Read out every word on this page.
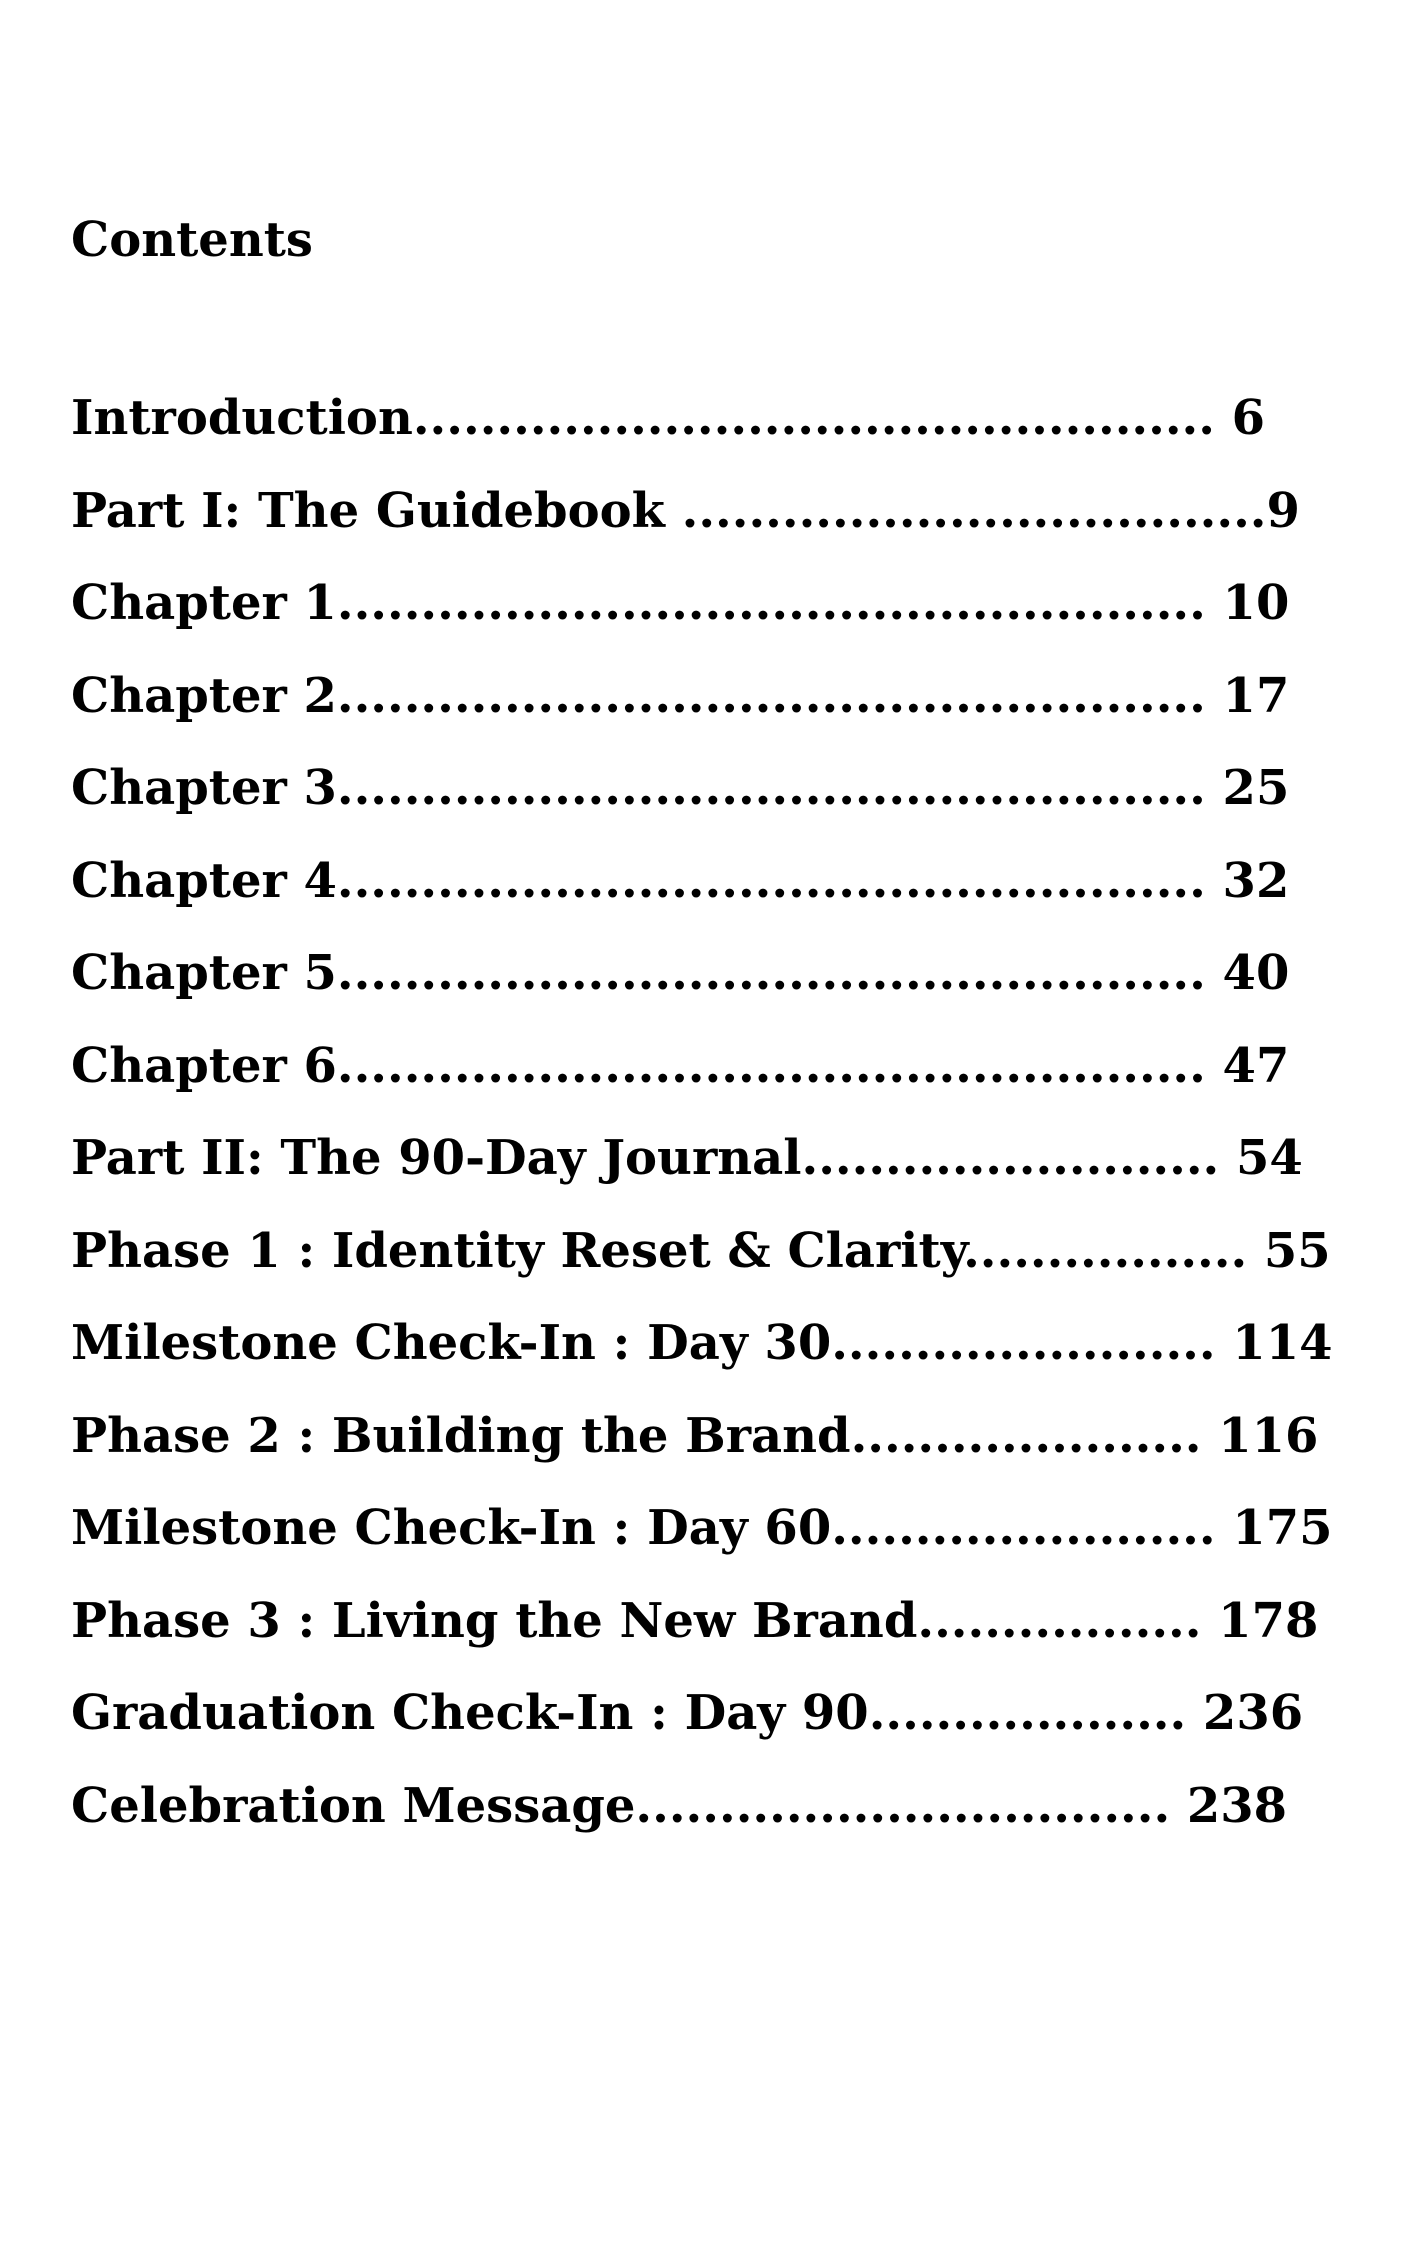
Contents
Introduction................................................ 6
Part I: The Guidebook ...................................9
Chapter 1.................................................... 10
Chapter 2.................................................... 17
Chapter 3.................................................... 25
Chapter 4.................................................... 32
Chapter 5.................................................... 40
Chapter 6.................................................... 47
Part II: The 90-Day Journal......................... 54
Phase 1 : Identity Reset & Clarity................. 55
Milestone Check-In : Day 30....................... 114
Phase 2 : Building the Brand..................... 116
Milestone Check-In : Day 60....................... 175
Phase 3 : Living the New Brand................. 178
Graduation Check-In : Day 90................... 236
Celebration Message................................ 238
